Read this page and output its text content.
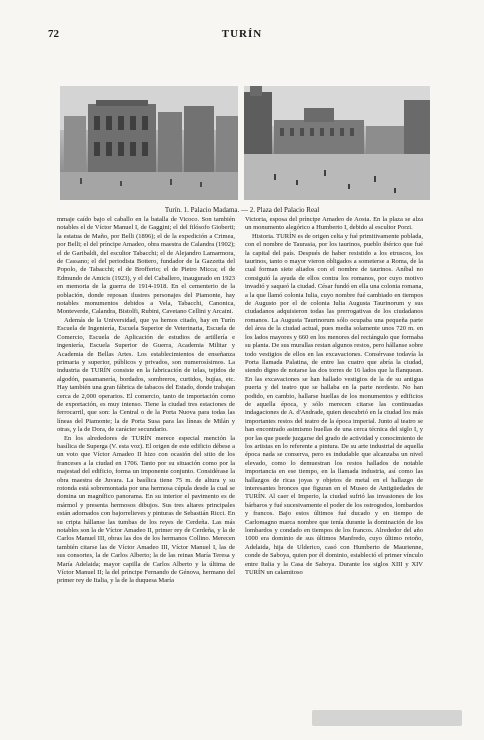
72	TURÍN
Turín. 1. Palacio Madama. — 2. Plaza del Palacio Real

mmaje caído bajo el caballo en la batalla de Vicoco. Son también notables el de Víctor Manuel I, de Gaggini; el del filósofo Gioberti; la estatua de Maño, por Belli (1896); el de la expedición a Crimea, por Belli; el del príncipe Amadeo, obra maestra de Calandra (1902); el de Garibaldi, del escultor Tabacchi; el de Alejandro Lamarmora, de Cassano; el del periodista Bottero, fundador de la Gazzetta del Popolo, de Tabacchi; el de Brofferio; el de Pietro Micca; el de Edmundo de Amicis (1923), y el del Caballero, inaugurado en 1923 en memoria de la guerra de 1914-1918. En el cementerio de la población, donde reposan ilustres personajes del Piamonte, hay notables monumentos debidos a Vela, Tabacchi, Canonica, Monteverde, Calandra, Bistolfi, Rubini, Cavetano Cellini y Arcaini.

Además de la Universidad, que ya hemos citado, hay en Turín Escuela de Ingeniería, Escuela Superior de Veterinaria, Escuela de Comercio, Escuela de Aplicación de estudios de artillería e ingeniería, Escuela Superior de Guerra, Academia Militar y Academia de Bellas Artes. Los establecimientos de enseñanza primaria y superior, públicos y privados, son numerosísimos. La industria de TURÍN consiste en la fabricación de telas, tejidos de algodón, pasamanería, bordados, sombreros, curtidos, bujías, etc. Hay también una gran fábrica de tabacos del Estado, donde trabajan cerca de 2,000 operarios. El comercio, tanto de importación como de exportación, es muy intenso. Tiene la ciudad tres estaciones de ferrocarril, que son: la Central o de la Porta Nuova para todas las líneas del Piamonte; la de Porta Susa para las líneas de Milán y otras, y la de Dora, de carácter secundario.

En los alrededores de TURÍN merece especial mención la basílica de Superga (V. esta voz). El origen de este edificio débese a un voto que Víctor Amadeo II hizo con ocasión del sitio de los franceses a la ciudad en 1706. Tanto por su situación como por la majestad del edificio, forma un imponente conjunto. Considérase la obra maestra de Juvara. La basílica tiene 75 m. de altura y su rotonda está sobremontada por una hermosa cúpula desde la cual se domina un magnífico panorama. En su interior el pavimento es de mármol y presenta hermosos dibujos. Sus tres altares principales están adornados con bajorrelieves y pinturas de Sebastián Ricci. En su cripta hállanse las tumbas de los reyes de Cerdeña. Las más notables son la de Víctor Amadeo II, primer rey de Cerdeña, y la de Carlos Manuel III, obras las dos de los hermanos Collino. Merecen también citarse las de Víctor Amadeo III, Víctor Manuel I, las de sus consortes, la de Carlos Alberto; la de las reinas María Teresa y María Adelaida; mayor capilla de Carlos Alberto y la última de Víctor Manuel II; la del príncipe Fernando de Génova, hermano del primer rey de Italia, y la de la duquesa María

Victoria, esposa del príncipe Amadeo de Aosta. En la plaza se alza un monumento alegórico a Humberto I, debido al escultor Porzi.

Historia. TURÍN es de origen celta y fué primitivamente poblada, con el nombre de Taurasia, por los taurinos, pueblo ibérico que fué la capital del país. Después de haber resistido a los etruscos, los taurinos, tanto o mayor vieron obligados a someterse a Roma, de la cual forman siete aliados con el nombre de taurinos. Aníbal no consiguió la ayuda de ellos contra los romanos, por cuyo motivo invadió y saqueó la ciudad. César fundó en ella una colonia romana, a la que llamó colonia Iulia, cuyo nombre fué cambiado en tiempos de Augusto por el de colonia Iulia Augusta Taurinorum y sus ciudadanos adquisieron todas las prerrogativas de los ciudadanos romanos. La Augusta Taurinorum sólo ocupaba una pequeña parte del área de la ciudad actual, pues media solamente unos 720 m. en los lados mayores y 660 en los menores del rectángulo que formaba su planta. De sus murallas restan algunos restos, pero hállanse sobre todo vestigios de ellos en las excavaciones. Consérvase todavía la Porta llamada Palatina, de entre las cuatro que abría la ciudad, siendo digno de notarse las dos torres de 16 lados que la flanquean. En las excavaciones se han hallado vestigios de la de su antigua puerta y del teatro que se hallaba en la parte nordeste. No han podido, en cambio, hallarse huellas de los monumentos y edificios de aquella época, y sólo merecen citarse las continuadas indagaciones de A. d'Andrade, quien descubrió en la ciudad los más importantes restos del teatro de la época imperial. Junto al teatro se han encontrado asimismo huellas de una cerca técnica del siglo I, y por las que puede juzgarse del grado de actividad y conocimiento de los artistas en lo referente a pintura. De su arte industrial de aquella época nada se conserva, pero es indudable que alcanzaba un nivel elevado, como lo demuestran los restos hallados de notable importancia en ese tiempo, en la llamada industria, así como las hallazgos de ricas joyas y objetos de metal en el hallazgo de interesantes bronces que figuran en el Museo de Antigüedades de TURÍN. Al caer el Imperio, la ciudad sufrió las invasiones de los bárbaros y fué sucesivamente el poder de los ostrogodos, lombardos y francos. Bajo estos últimos fué ducado y en tiempo de Carlomagno marca nombre que tenía durante la dominación de los lombardos y condado en tiempos de los francos. Alrededor del año 1000 era dominio de sus últimos Manfredo, cuyo último retoño, Adelaida, hija de Ulderico, casó con Humberto de Maurienne, conde de Saboya, quien por él dominio, estableció el primer vínculo entre Italia y la Casa de Saboya. Durante los siglos XIII y XIV TURÍN un calamitoso
